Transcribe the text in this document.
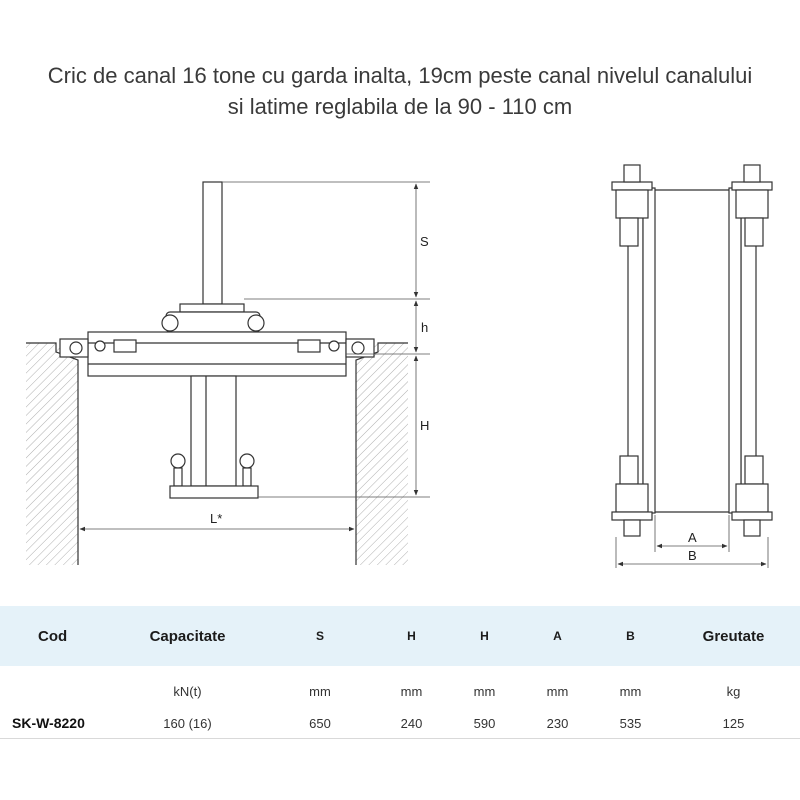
Cric de canal 16 tone cu garda inalta, 19cm peste canal nivelul canalului
si latime reglabila de la 90 - 110 cm
S
h
H
L*
A
B
Cod	Capacitate	S	H	H	A	B	Greutate
	kN(t)	mm	mm	mm	mm	mm	kg
SK-W-8220	160 (16)	650	240	590	230	535	125
